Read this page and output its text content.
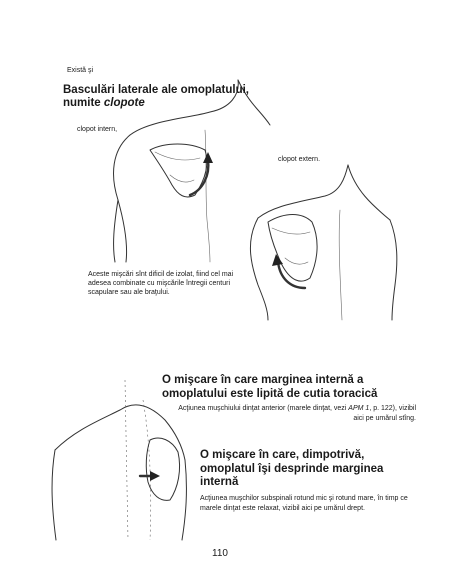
Există şi

Basculări laterale ale omoplatului,
numite clopote

clopot intern,

clopot extern.

Aceste mişcări sînt dificil de izolat, fiind cel mai adesea combinate cu mişcările întregii centuri scapulare sau ale braţului.

O mişcare în care marginea internă a omoplatului este lipită de cutia toracică

Acţiunea muşchiului dinţat anterior (marele dinţat, vezi APM 1, p. 122), vizibil aici pe umărul stîng.

O mişcare în care, dimpotrivă, omoplatul îşi desprinde marginea internă

Acţiunea muşchilor subspinali rotund mic şi rotund mare, în timp ce marele dinţat este relaxat, vizibil aici pe umărul drept.

110
